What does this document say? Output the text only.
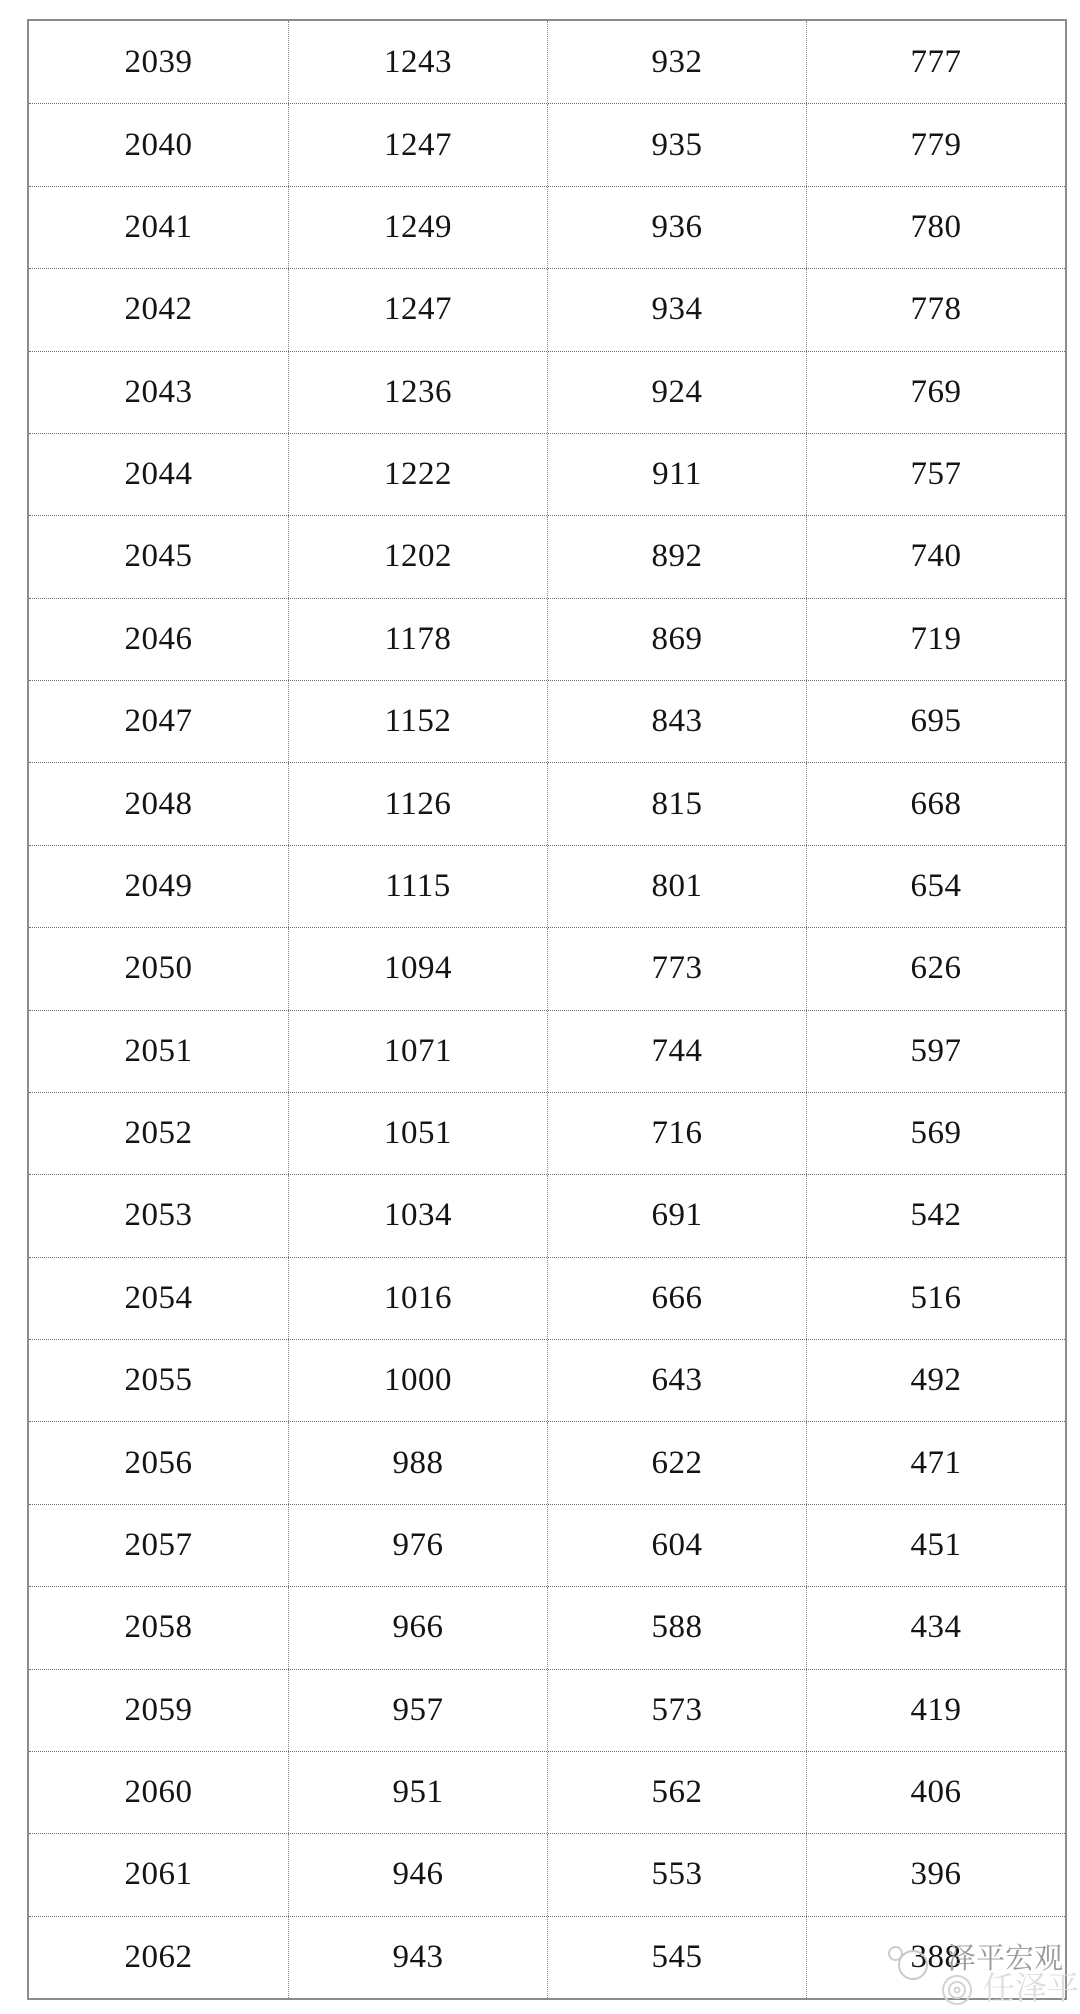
2039	1243	932	777
2040	1247	935	779
2041	1249	936	780
2042	1247	934	778
2043	1236	924	769
2044	1222	911	757
2045	1202	892	740
2046	1178	869	719
2047	1152	843	695
2048	1126	815	668
2049	1115	801	654
2050	1094	773	626
2051	1071	744	597
2052	1051	716	569
2053	1034	691	542
2054	1016	666	516
2055	1000	643	492
2056	988	622	471
2057	976	604	451
2058	966	588	434
2059	957	573	419
2060	951	562	406
2061	946	553	396
2062	943	545	388
泽平宏观
任泽平
